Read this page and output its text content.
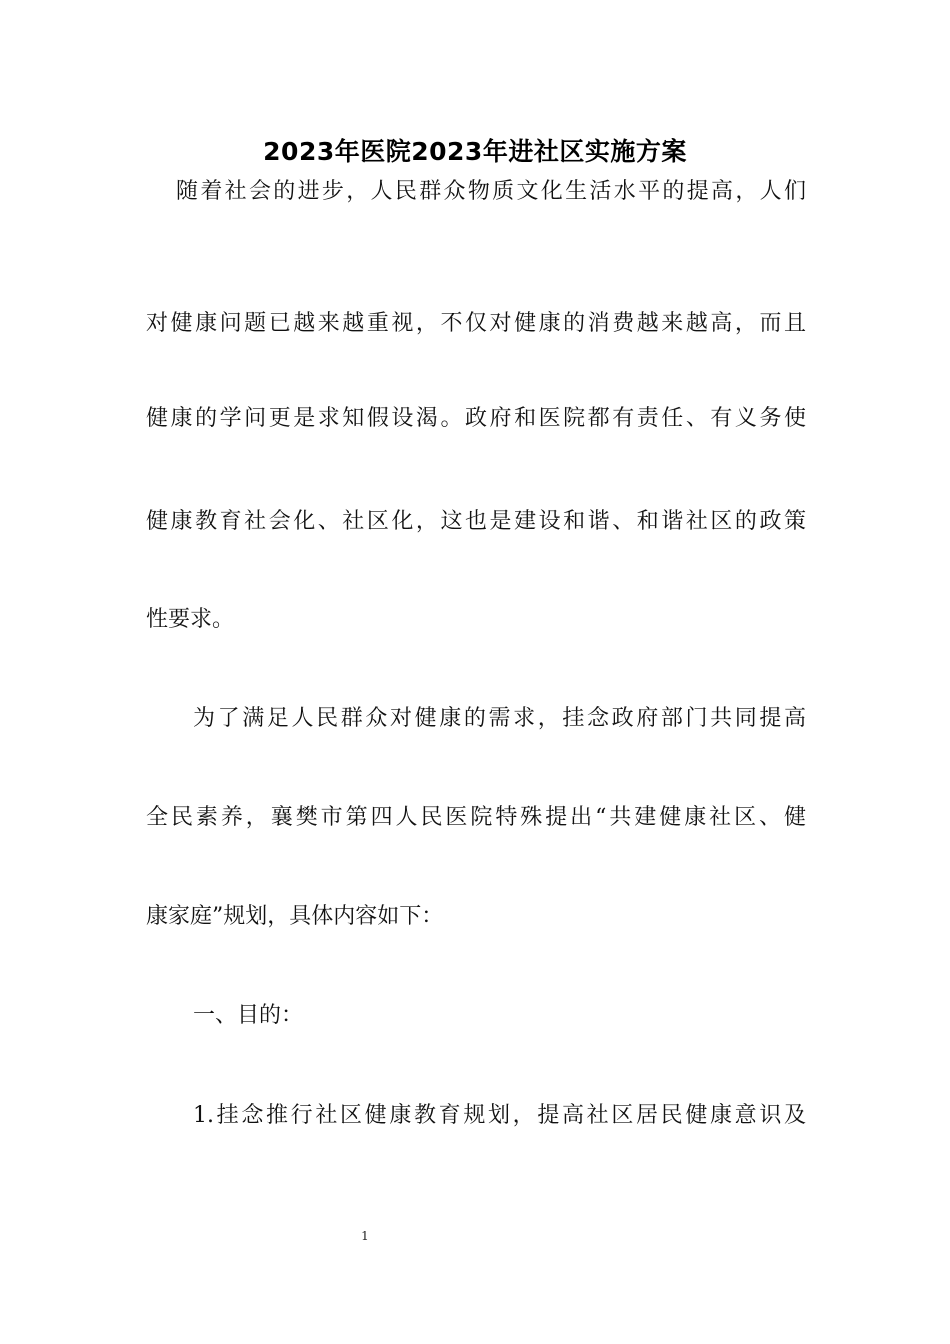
2023年医院2023年进社区实施方案
随着社会的进步，人民群众物质文化生活水平的提高，人们
对健康问题已越来越重视，不仅对健康的消费越来越高，而且
健康的学问更是求知假设渴。政府和医院都有责任、有义务使
健康教育社会化、社区化，这也是建设和谐、和谐社区的政策
性要求。
为了满足人民群众对健康的需求，挂念政府部门共同提高
全民素养，襄樊市第四人民医院特殊提出“共建健康社区、健
康家庭”规划，具体内容如下：
一、目的：
1.挂念推行社区健康教育规划，提高社区居民健康意识及
1
